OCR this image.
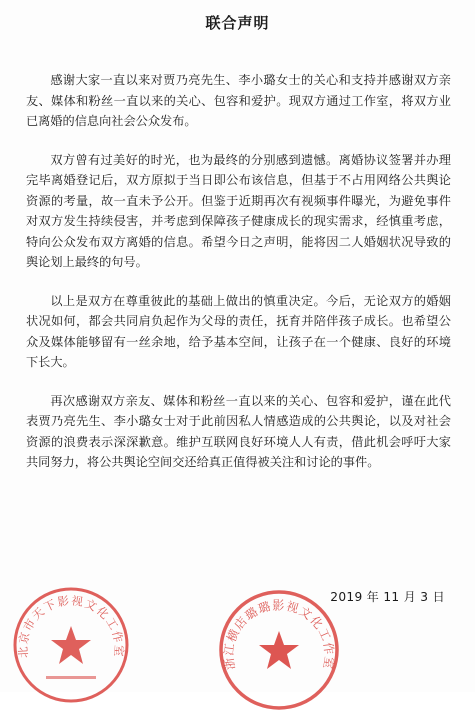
联合声明

感谢大家一直以来对贾乃亮先生、李小璐女士的关心和支持并感谢双方亲友、媒体和粉丝一直以来的关心、包容和爱护。现双方通过工作室，将双方业已离婚的信息向社会公众发布。

双方曾有过美好的时光，也为最终的分别感到遗憾。离婚协议签署并办理完毕离婚登记后，双方原拟于当日即公布该信息，但基于不占用网络公共舆论资源的考量，故一直未予公开。但鉴于近期再次有视频事件曝光，为避免事件对双方发生持续侵害，并考虑到保障孩子健康成长的现实需求，经慎重考虑，特向公众发布双方离婚的信息。希望今日之声明，能将因二人婚姻状况导致的舆论划上最终的句号。

以上是双方在尊重彼此的基础上做出的慎重决定。今后，无论双方的婚姻状况如何，都会共同肩负起作为父母的责任，抚育并陪伴孩子成长。也希望公众及媒体能够留有一丝余地，给予基本空间，让孩子在一个健康、良好的环境下长大。

再次感谢双方亲友、媒体和粉丝一直以来的关心、包容和爱护，谨在此代表贾乃亮先生、李小璐女士对于此前因私人情感造成的公共舆论，以及对社会资源的浪费表示深深歉意。维护互联网良好环境人人有责，借此机会呼吁大家共同努力，将公共舆论空间交还给真正值得被关注和讨论的事件。

2019 年 11 月 3 日
北京市天下影视文化工作室
浙江横店璐璐影视文化工作室
